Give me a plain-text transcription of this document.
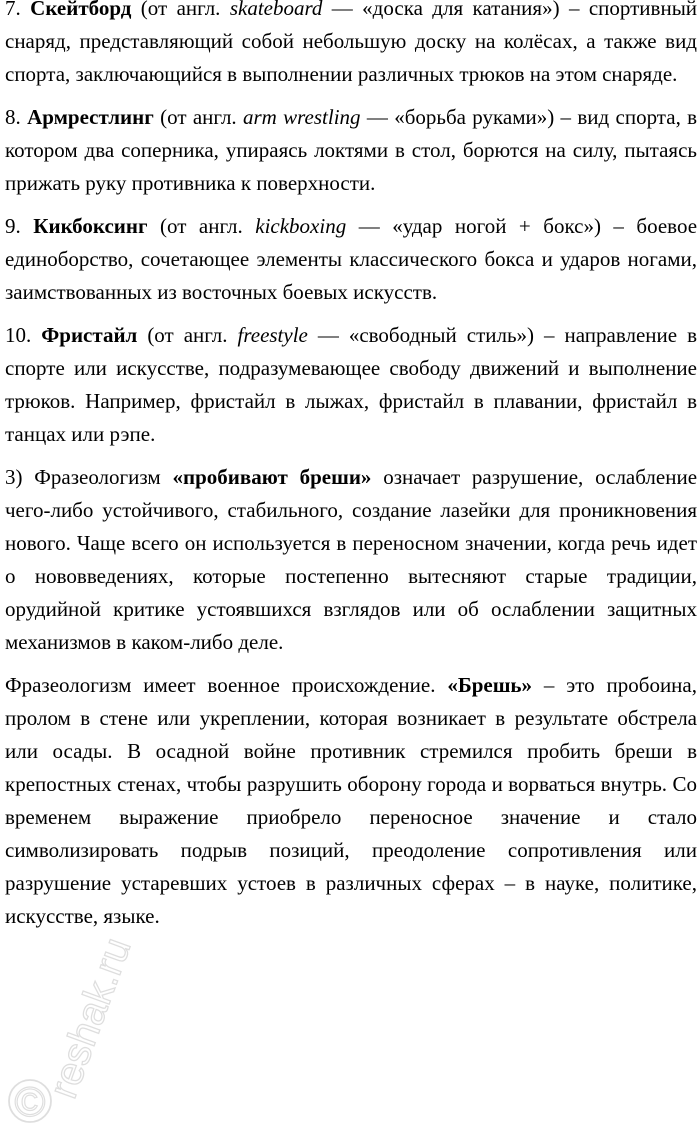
7. Скейтборд (от англ. skateboard — «доска для катания») – спортивный снаряд, представляющий собой небольшую доску на колёсах, а также вид спорта, заключающийся в выполнении различных трюков на этом снаряде.

8. Армрестлинг (от англ. arm wrestling — «борьба руками») – вид спорта, в котором два соперника, упираясь локтями в стол, борются на силу, пытаясь прижать руку противника к поверхности.

9. Кикбоксинг (от англ. kickboxing — «удар ногой + бокс») – боевое единоборство, сочетающее элементы классического бокса и ударов ногами, заимствованных из восточных боевых искусств.

10. Фристайл (от англ. freestyle — «свободный стиль») – направление в спорте или искусстве, подразумевающее свободу движений и выполнение трюков. Например, фристайл в лыжах, фристайл в плавании, фристайл в танцах или рэпе.

3) Фразеологизм «пробивают бреши» означает разрушение, ослабление чего-либо устойчивого, стабильного, создание лазейки для проникновения нового. Чаще всего он используется в переносном значении, когда речь идет о нововведениях, которые постепенно вытесняют старые традиции, орудийной критике устоявшихся взглядов или об ослаблении защитных механизмов в каком-либо деле.

Фразеологизм имеет военное происхождение. «Брешь» – это пробоина, пролом в стене или укреплении, которая возникает в результате обстрела или осады. В осадной войне противник стремился пробить бреши в крепостных стенах, чтобы разрушить оборону города и ворваться внутрь. Со временем выражение приобрело переносное значение и стало символизировать подрыв позиций, преодоление сопротивления или разрушение устаревших устоев в различных сферах – в науке, политике, искусстве, языке.

reshak.ru
©
